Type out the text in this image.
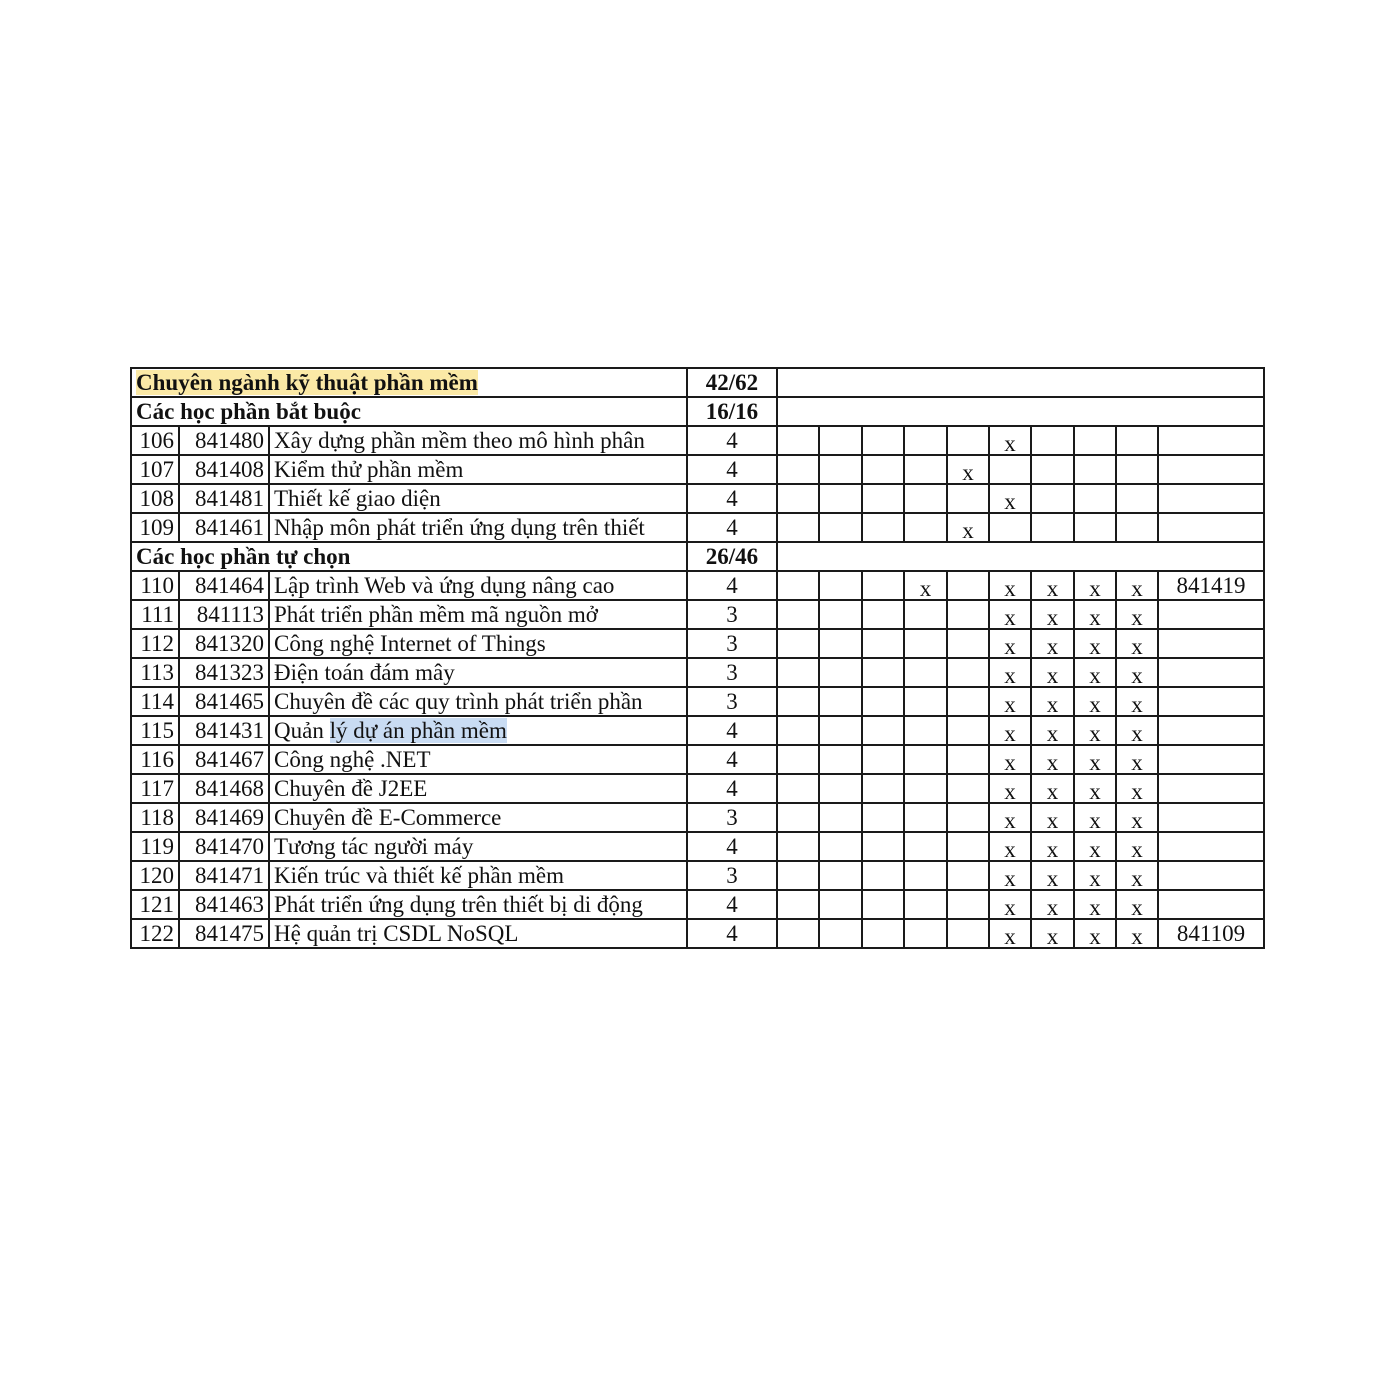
Chuyên ngành kỹ thuật phần mềm			42/62										
Các học phần bắt buộc			16/16										
106	841480	Xây dựng phần mềm theo mô hình phân	4						x				
107	841408	Kiểm thử phần mềm	4					x					
108	841481	Thiết kế giao diện	4						x				
109	841461	Nhập môn phát triển ứng dụng trên thiết	4					x					
Các học phần tự chọn			26/46										
110	841464	Lập trình Web và ứng dụng nâng cao	4				x		x	x	x	x	841419
111	841113	Phát triển phần mềm mã nguồn mở	3						x	x	x	x	
112	841320	Công nghệ Internet of Things	3						x	x	x	x	
113	841323	Điện toán đám mây	3						x	x	x	x	
114	841465	Chuyên đề các quy trình phát triển phần	3						x	x	x	x	
115	841431	Quản lý dự án phần mềm	4						x	x	x	x	
116	841467	Công nghệ .NET	4						x	x	x	x	
117	841468	Chuyên đề J2EE	4						x	x	x	x	
118	841469	Chuyên đề E-Commerce	3						x	x	x	x	
119	841470	Tương tác người máy	4						x	x	x	x	
120	841471	Kiến trúc và thiết kế phần mềm	3						x	x	x	x	
121	841463	Phát triển ứng dụng trên thiết bị di động	4						x	x	x	x	
122	841475	Hệ quản trị CSDL NoSQL	4						x	x	x	x	841109
